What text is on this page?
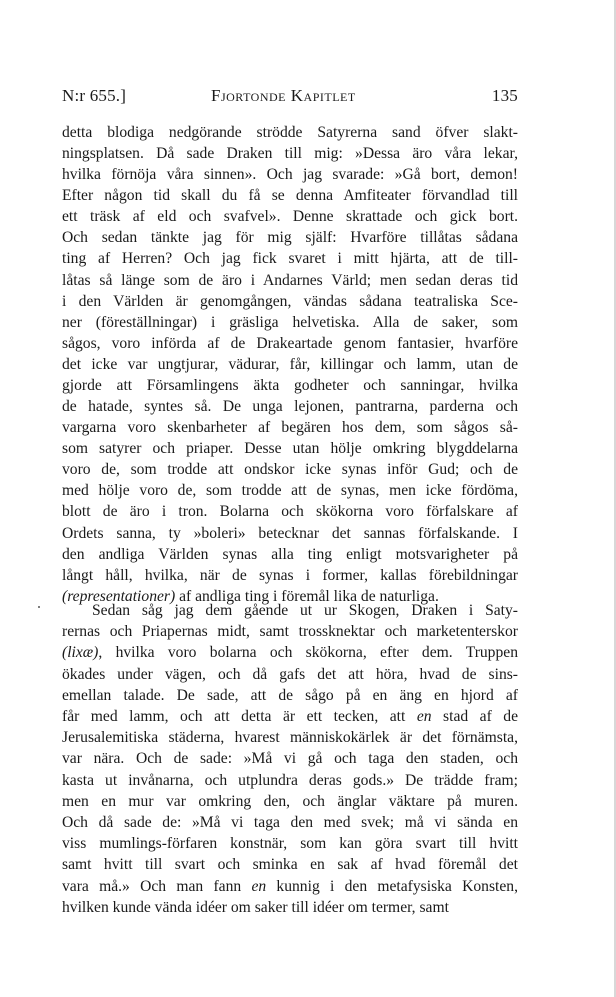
N:r 655.]	Fjortonde Kapitlet	135
detta blodiga nedgörande strödde Satyrerna sand öfver slakt-
ningsplatsen. Då sade Draken till mig: »Dessa äro våra lekar,
hvilka förnöja våra sinnen». Och jag svarade: »Gå bort, demon!
Efter någon tid skall du få se denna Amfiteater förvandlad till
ett träsk af eld och svafvel». Denne skrattade och gick bort.
Och sedan tänkte jag för mig själf: Hvarföre tillåtas sådana
ting af Herren? Och jag fick svaret i mitt hjärta, att de till-
låtas så länge som de äro i Andarnes Värld; men sedan deras tid
i den Världen är genomgången, vändas sådana teatraliska Sce-
ner (föreställningar) i gräsliga helvetiska. Alla de saker, som
sågos, voro införda af de Drakeartade genom fantasier, hvarföre
det icke var ungtjurar, vädurar, får, killingar och lamm, utan de
gjorde att Församlingens äkta godheter och sanningar, hvilka
de hatade, syntes så. De unga lejonen, pantrarna, parderna och
vargarna voro skenbarheter af begären hos dem, som sågos så-
som satyrer och priaper. Desse utan hölje omkring blygddelarna
voro de, som trodde att ondskor icke synas inför Gud; och de
med hölje voro de, som trodde att de synas, men icke fördöma,
blott de äro i tron. Bolarna och skökorna voro förfalskare af
Ordets sanna, ty »boleri» betecknar det sannas förfalskande. I
den andliga Världen synas alla ting enligt motsvarigheter på
långt håll, hvilka, när de synas i former, kallas förebildningar
(representationer) af andliga ting i föremål lika de naturliga.
Sedan såg jag dem gående ut ur Skogen, Draken i Saty-
rernas och Priapernas midt, samt trossknektar och marketenterskor
(lixæ), hvilka voro bolarna och skökorna, efter dem. Truppen
ökades under vägen, och då gafs det att höra, hvad de sins-
emellan talade. De sade, att de sågo på en äng en hjord af
får med lamm, och att detta är ett tecken, att en stad af de
Jerusalemitiska städerna, hvarest människokärlek är det förnämsta,
var nära. Och de sade: »Må vi gå och taga den staden, och
kasta ut invånarna, och utplundra deras gods.» De trädde fram;
men en mur var omkring den, och änglar väktare på muren.
Och då sade de: »Må vi taga den med svek; må vi sända en
viss mumlings-förfaren konstnär, som kan göra svart till hvitt
samt hvitt till svart och sminka en sak af hvad föremål det
vara må.» Och man fann en kunnig i den metafysiska Konsten,
hvilken kunde vända idéer om saker till idéer om termer, samt
